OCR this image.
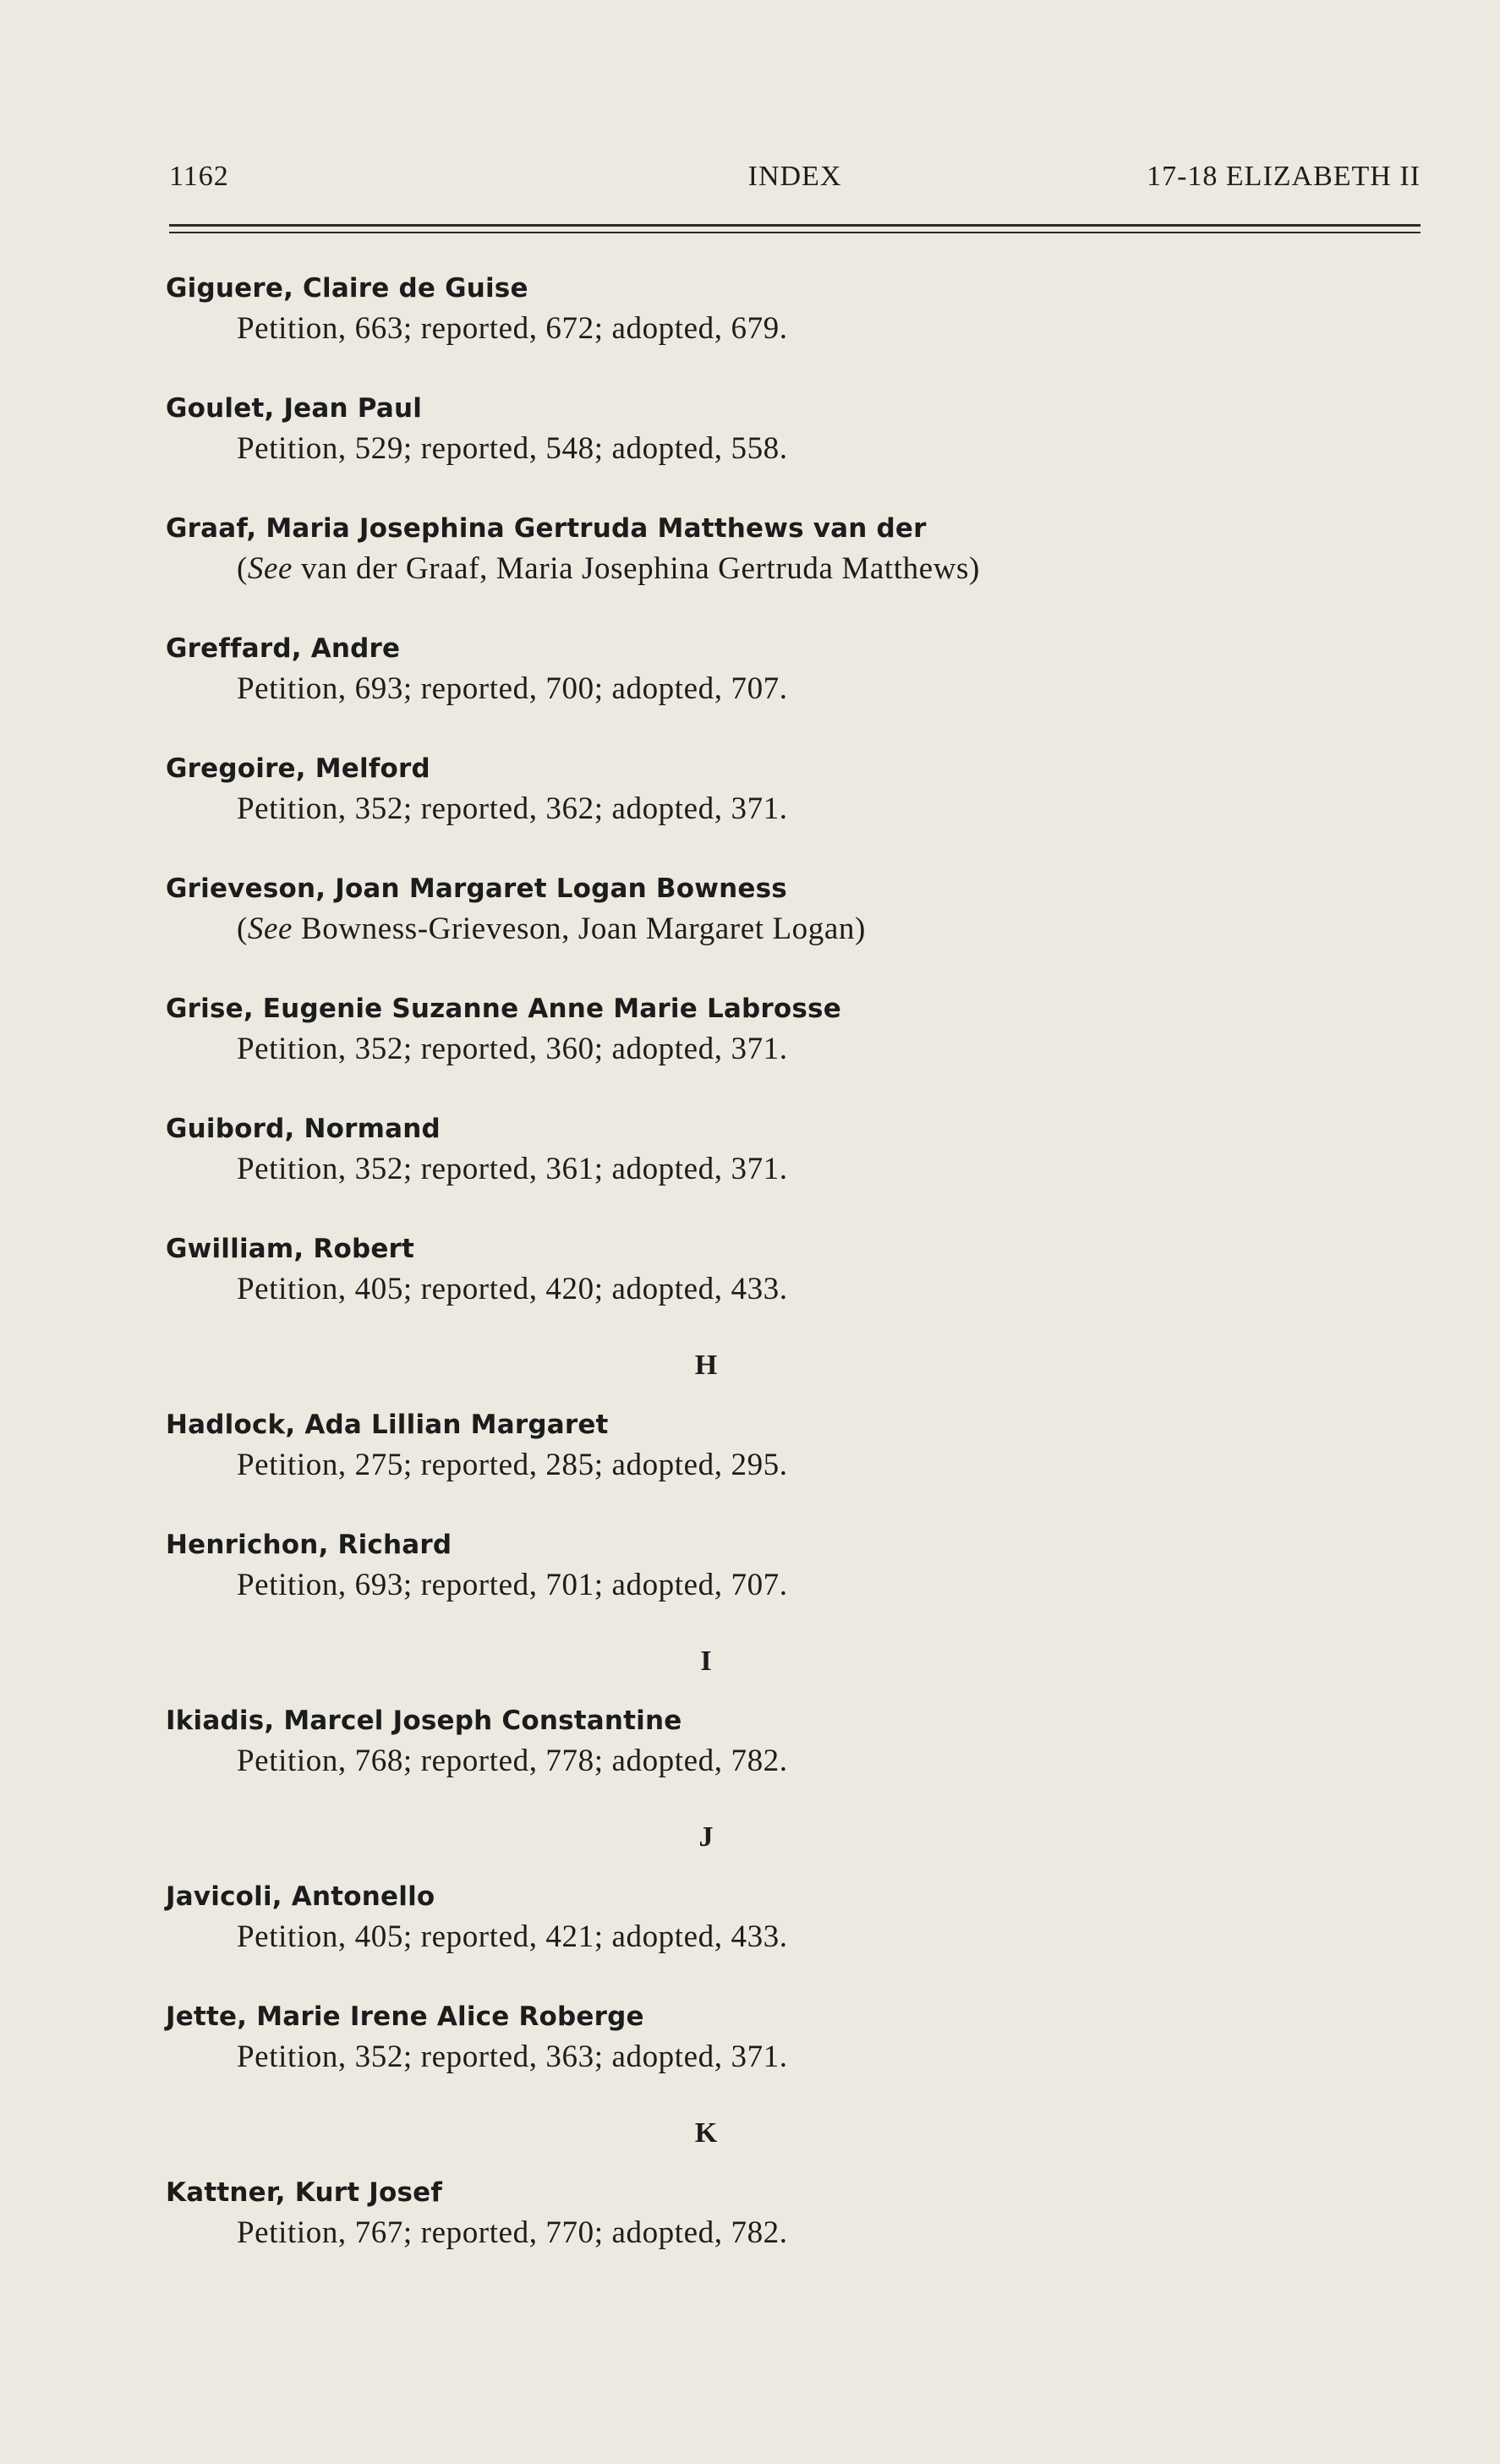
1162	INDEX	17-18 ELIZABETH II
Giguere, Claire de Guise
Petition, 663; reported, 672; adopted, 679.
Goulet, Jean Paul
Petition, 529; reported, 548; adopted, 558.
Graaf, Maria Josephina Gertruda Matthews van der
(See van der Graaf, Maria Josephina Gertruda Matthews)
Greffard, Andre
Petition, 693; reported, 700; adopted, 707.
Gregoire, Melford
Petition, 352; reported, 362; adopted, 371.
Grieveson, Joan Margaret Logan Bowness
(See Bowness-Grieveson, Joan Margaret Logan)
Grise, Eugenie Suzanne Anne Marie Labrosse
Petition, 352; reported, 360; adopted, 371.
Guibord, Normand
Petition, 352; reported, 361; adopted, 371.
Gwilliam, Robert
Petition, 405; reported, 420; adopted, 433.
H
Hadlock, Ada Lillian Margaret
Petition, 275; reported, 285; adopted, 295.
Henrichon, Richard
Petition, 693; reported, 701; adopted, 707.
I
Ikiadis, Marcel Joseph Constantine
Petition, 768; reported, 778; adopted, 782.
J
Javicoli, Antonello
Petition, 405; reported, 421; adopted, 433.
Jette, Marie Irene Alice Roberge
Petition, 352; reported, 363; adopted, 371.
K
Kattner, Kurt Josef
Petition, 767; reported, 770; adopted, 782.
